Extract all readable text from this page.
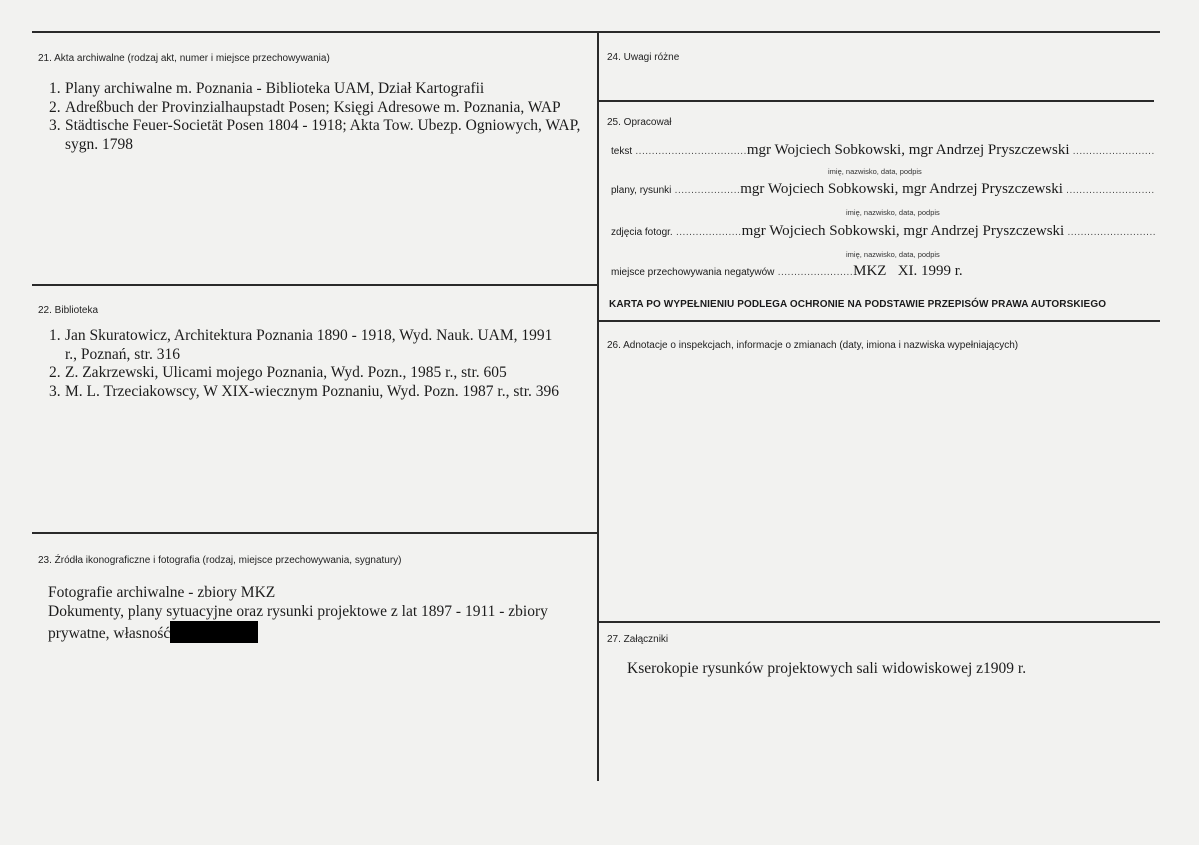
21. Akta archiwalne (rodzaj akt, numer i miejsce przechowywania)
1. Plany archiwalne m. Poznania - Biblioteka UAM, Dział Kartografii
2. Adreßbuch der Provinzialhaupstadt Posen; Księgi Adresowe m. Poznania, WAP
3. Städtische Feuer-Societät Posen 1804 - 1918; Akta Tow. Ubezp. Ogniowych, WAP, sygn. 1798
22. Biblioteka
1. Jan Skuratowicz, Architektura Poznania 1890 - 1918, Wyd. Nauk. UAM, 1991 r., Poznań, str. 316
2. Z. Zakrzewski, Ulicami mojego Poznania, Wyd. Pozn., 1985 r., str. 605
3. M. L. Trzeciakowscy, W XIX-wiecznym Poznaniu, Wyd. Pozn. 1987 r., str. 396
23. Źródła ikonograficzne i fotografia (rodzaj, miejsce przechowywania, sygnatury)
Fotografie archiwalne - zbiory MKZ
Dokumenty, plany sytuacyjne oraz rysunki projektowe z lat 1897 - 1911 - zbiory
prywatne, własność
24. Uwagi różne
25. Opracował
tekst ..................................mgr Wojciech Sobkowski, mgr Andrzej Pryszczewski .........................
imię, nazwisko, data, podpis
plany, rysunki ....................mgr Wojciech Sobkowski, mgr Andrzej Pryszczewski ...........................
imię, nazwisko, data, podpis
zdjęcia fotogr. ....................mgr Wojciech Sobkowski, mgr Andrzej Pryszczewski ...........................
imię, nazwisko, data, podpis
miejsce przechowywania negatywów .......................MKZ   XI. 1999 r.
KARTA PO WYPEŁNIENIU PODLEGA OCHRONIE NA PODSTAWIE PRZEPISÓW PRAWA AUTORSKIEGO
26. Adnotacje o inspekcjach, informacje o zmianach (daty, imiona i nazwiska wypełniających)
27. Załączniki
Kserokopie rysunków projektowych sali widowiskowej z1909 r.
